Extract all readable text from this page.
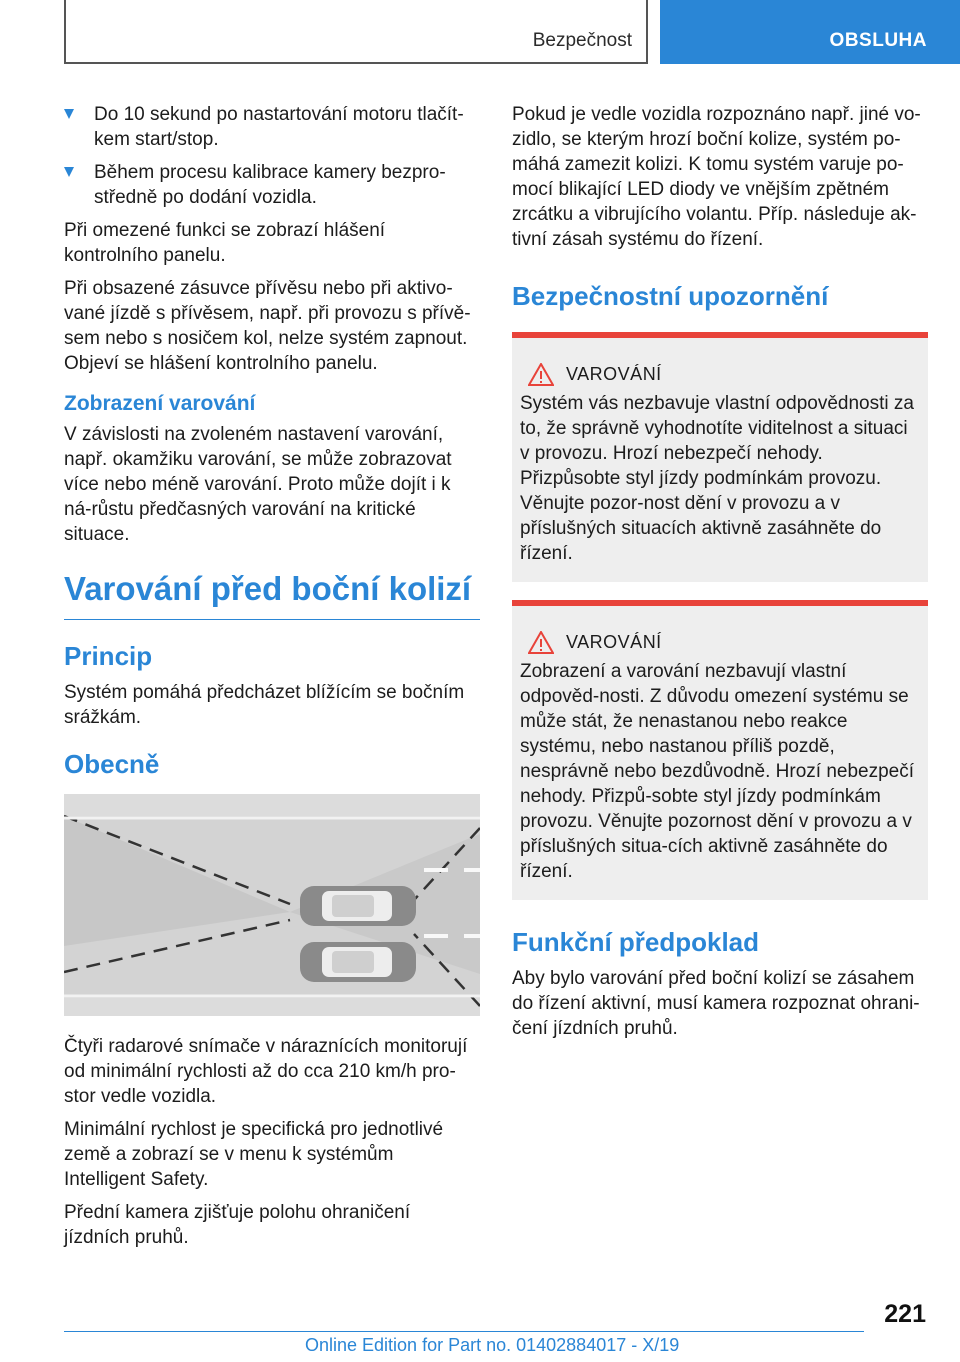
Bezpečnost	OBSLUHA
Do 10 sekund po nastartování motoru tlačít-kem start/stop.
Během procesu kalibrace kamery bezpro-středně po dodání vozidla.

Při omezené funkci se zobrazí hlášení kontrolního panelu.

Při obsazené zásuvce přívěsu nebo při aktivo-vané jízdě s přívěsem, např. při provozu s přívě-sem nebo s nosičem kol, nelze systém zapnout. Objeví se hlášení kontrolního panelu.

Zobrazení varování

V závislosti na zvoleném nastavení varování, např. okamžiku varování, se může zobrazovat více nebo méně varování. Proto může dojít i k ná-růstu předčasných varování na kritické situace.

Varování před boční kolizí
Princip

Systém pomáhá předcházet blížícím se bočním srážkám.

Obecně

Čtyři radarové snímače v náraznících monitorují od minimální rychlosti až do cca 210 km/h pro-stor vedle vozidla.

Minimální rychlost je specifická pro jednotlivé země a zobrazí se v menu k systémům Intelligent Safety.

Přední kamera zjišťuje polohu ohraničení jízdních pruhů.

Pokud je vedle vozidla rozpoznáno např. jiné vo-zidlo, se kterým hrozí boční kolize, systém po-máhá zamezit kolizi. K tomu systém varuje po-mocí blikající LED diody ve vnějším zpětném zrcátku a vibrujícího volantu. Příp. následuje ak-tivní zásah systému do řízení.

Bezpečnostní upozornění
VAROVÁNÍ
Systém vás nezbavuje vlastní odpovědnosti za to, že správně vyhodnotíte viditelnost a situaci v provozu. Hrozí nebezpečí nehody. Přizpůsobte styl jízdy podmínkám provozu. Věnujte pozor-nost dění v provozu a v příslušných situacích aktivně zasáhněte do řízení.
VAROVÁNÍ
Zobrazení a varování nezbavují vlastní odpověd-nosti. Z důvodu omezení systému se může stát, že nenastanou nebo reakce systému, nebo nastanou příliš pozdě, nesprávně nebo bezdůvodně. Hrozí nebezpečí nehody. Přizpů-sobte styl jízdy podmínkám provozu. Věnujte pozornost dění v provozu a v příslušných situa-cích aktivně zasáhněte do řízení.
Funkční předpoklad

Aby bylo varování před boční kolizí se zásahem do řízení aktivní, musí kamera rozpoznat ohrani-čení jízdních pruhů.

221
Online Edition for Part no. 01402884017 - X/19
